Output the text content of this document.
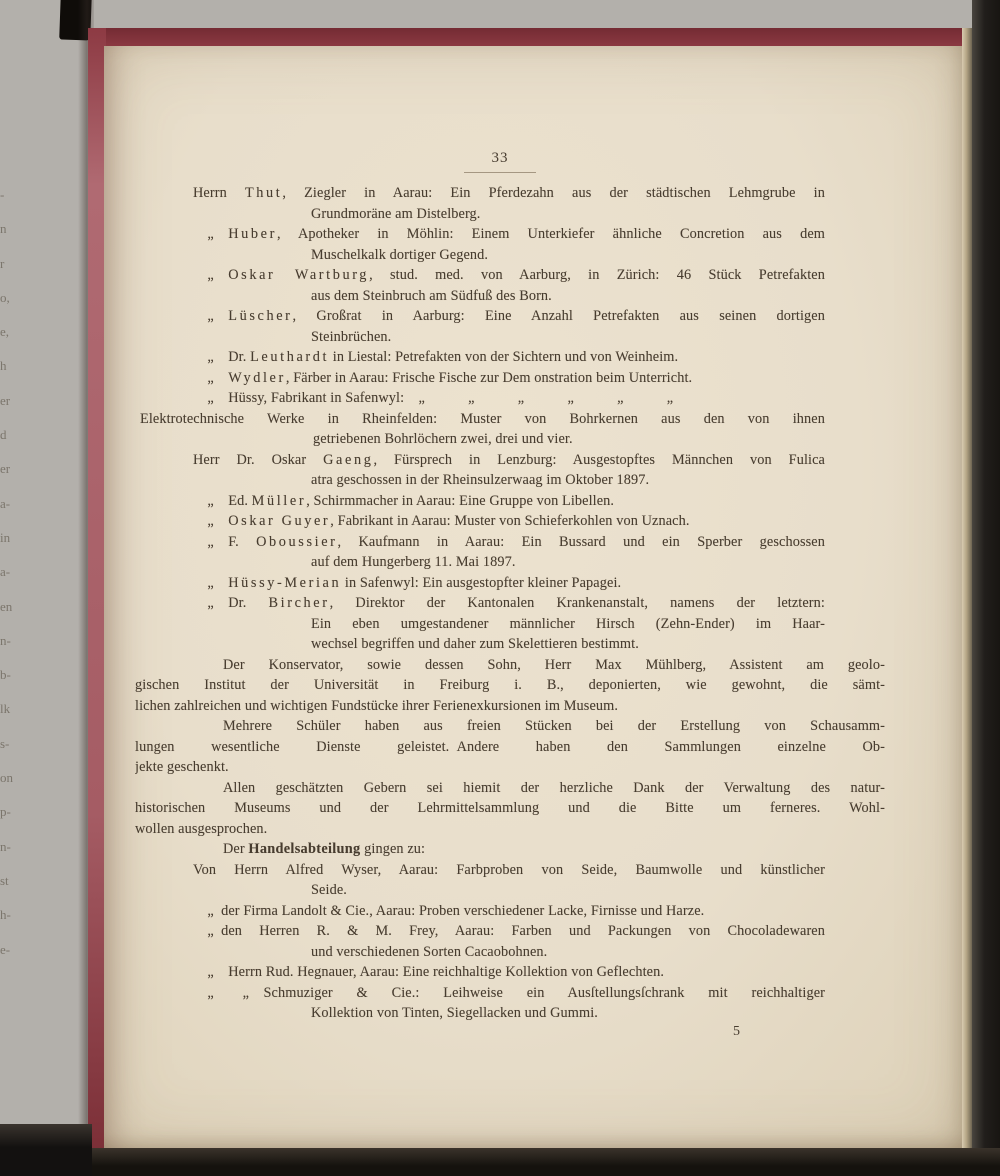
-
n
r
o,
e,
h
er
d
er
a-
in
a-
en
n-
b-
lk
s-
on
p-
n-
st
h-
e-
33
Herrn Thut, Ziegler in Aarau: Ein Pferdezahn aus der städtischen Lehmgrube in
Grundmoräne am Distelberg.
 „ Huber, Apotheker in Möhlin: Einem Unterkiefer ähnliche Concretion aus dem
Muschelkalk dortiger Gegend.
 „ Oskar Wartburg, stud. med. von Aarburg, in Zürich: 46 Stück Petrefakten
aus dem Steinbruch am Südfuß des Born.
 „ Lüscher, Großrat in Aarburg: Eine Anzahl Petrefakten aus seinen dortigen
Steinbrüchen.
 „ Dr. Leuthardt in Liestal: Petrefakten von der Sichtern und von Weinheim.
 „ Wydler, Färber in Aarau: Frische Fische zur Dem onstration beim Unterricht.
 „ Hüssy, Fabrikant in Safenwyl: „   „   „   „   „   „
Elektrotechnische Werke in Rheinfelden: Muster von Bohrkernen aus den von ihnen
getriebenen Bohrlöchern zwei, drei und vier.
Herr Dr. Oskar Gaeng, Fürsprech in Lenzburg: Ausgestopftes Männchen von Fulica
atra geschossen in der Rheinsulzerwaag im Oktober 1897.
 „ Ed. Müller, Schirmmacher in Aarau: Eine Gruppe von Libellen.
 „ Oskar Guyer, Fabrikant in Aarau: Muster von Schieferkohlen von Uznach.
 „ F. Oboussier, Kaufmann in Aarau: Ein Bussard und ein Sperber geschossen
auf dem Hungerberg 11. Mai 1897.
 „ Hüssy-Merian in Safenwyl: Ein ausgestopfter kleiner Papagei.
 „ Dr. Bircher, Direktor der Kantonalen Krankenanstalt, namens der letztern:
Ein eben umgestandener männlicher Hirsch (Zehn-Ender) im Haar-
wechsel begriffen und daher zum Skelettieren bestimmt.
Der Konservator, sowie dessen Sohn, Herr Max Mühlberg, Assistent am geolo-
gischen Institut der Universität in Freiburg i. B., deponierten, wie gewohnt, die sämt-
lichen zahlreichen und wichtigen Fundstücke ihrer Ferienexkursionen im Museum.
Mehrere Schüler haben aus freien Stücken bei der Erstellung von Schausamm-
lungen wesentliche Dienste geleistet. Andere haben den Sammlungen einzelne Ob-
jekte geschenkt.
Allen geschätzten Gebern sei hiemit der herzliche Dank der Verwaltung des natur-
historischen Museums und der Lehrmittelsammlung und die Bitte um ferneres. Wohl-
wollen ausgesprochen.
Der Handelsabteilung gingen zu:
Von Herrn Alfred Wyser, Aarau: Farbproben von Seide, Baumwolle und künstlicher
Seide.
 „ der Firma Landolt & Cie., Aarau: Proben verschiedener Lacke, Firnisse und Harze.
 „ den Herren R. & M. Frey, Aarau: Farben und Packungen von Chocoladewaren
und verschiedenen Sorten Cacaobohnen.
 „ Herrn Rud. Hegnauer, Aarau: Eine reichhaltige Kollektion von Geflechten.
 „  „ Schmuziger & Cie.: Leihweise ein Ausſtellungsſchrank mit reichhaltiger
Kollektion von Tinten, Siegellacken und Gummi.
5
